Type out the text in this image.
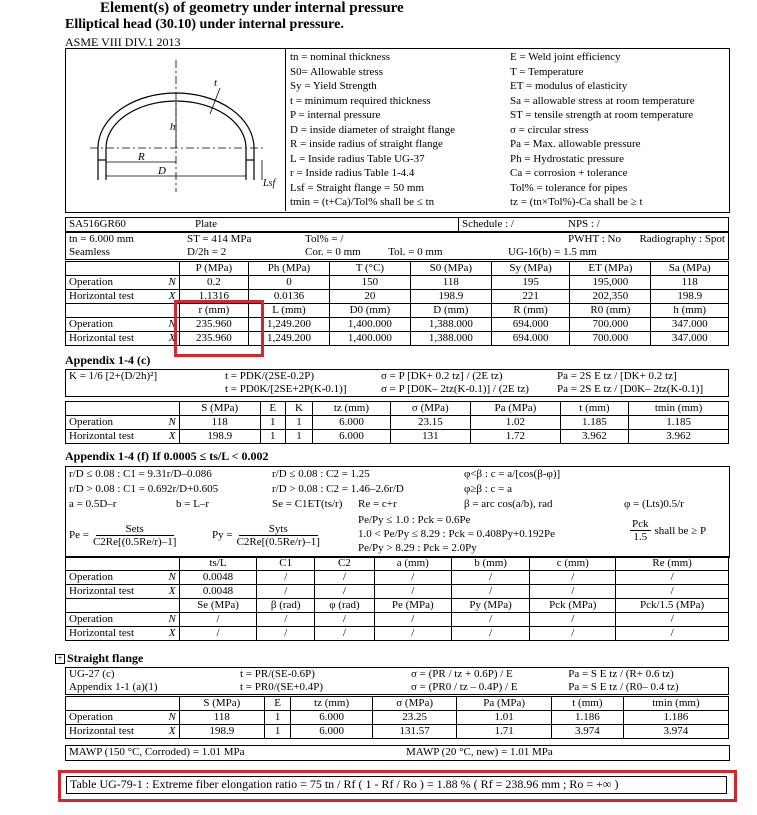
Element(s) of geometry under internal pressure
Elliptical head (30.10) under internal pressure.
ASME VIII DIV.1 2013
t
h
R
D
Lsf
tn = nominal thickness
S0= Allowable stress
Sy = Yield Strength
t = minimum required thickness
P = internal pressure
D = inside diameter of straight flange
R = inside radius of straight flange
L = Inside radius Table UG-37
r = Inside radius Table 1-4.4
Lsf = Straight flange = 50 mm
tmin = (t+Ca)/Tol% shall be ≤ tn
E = Weld joint efficiency
T = Temperature
ET = modulus of elasticity
Sa = allowable stress at room temperature
ST = tensile strength at room temperature
σ = circular stress
Pa = Max. allowable pressure
Ph = Hydrostatic pressure
Ca = corrosion + tolerance
Tol% = tolerance for pipes
tz = (tn×Tol%)-Ca shall be ≥ t
SA516GR60	Plate	Schedule : /	NPS : /
tn = 6.000 mm	ST = 414 MPa	Tol% = /	PWHT : No	Radiography : Spot
Seamless	D/2h = 2	Cor. = 0 mm Tol. = 0 mm	UG-16(b) = 1.5 mm	
		P (MPa)	Ph (MPa)	T (°C)	S0 (MPa)	Sy (MPa)	ET (MPa)	Sa (MPa)
Operation	N	0.2	0	150	118	195	195,000	118
Horizontal test	X	1.1316	0.0136	20	198.9	221	202,350	198.9
		r (mm)	L (mm)	D0 (mm)	D (mm)	R (mm)	R0 (mm)	h (mm)
Operation	N	235.960	1,249.200	1,400.000	1,388.000	694.000	700.000	347.000
Horizontal test	X	235.960	1,249.200	1,400.000	1,388.000	694.000	700.000	347.000
Appendix 1-4 (c)
K = 1/6 [2+(D/2h)²]	t = PDK/(2SE-0.2P)	σ = P [DK+ 0.2 tz] / (2E tz)	Pa = 2S E tz / [DK+ 0.2 tz]
	t = PD0K/[2SE+2P(K-0.1)]	σ = P [D0K– 2tz(K-0.1)] / (2E tz)	Pa = 2S E tz / [D0K– 2tz(K-0.1)]
		S (MPa)	E	K	tz (mm)	σ (MPa)	Pa (MPa)	t (mm)	tmin (mm)
Operation	N	118	1	1	6.000	23.15	1.02	1.185	1.185
Horizontal test	X	198.9	1	1	6.000	131	1.72	3.962	3.962
Appendix 1-4 (f) If 0.0005 ≤ ts/L < 0.002
r/D ≤ 0.08 : C1 = 9.31r/D–0.086	r/D ≤ 0.08 : C2 = 1.25	φ<β : c = a/[cos(β-φ)]
r/D > 0.08 : C1 = 0.692r/D+0.605	r/D > 0.08 : C2 = 1.46–2.6r/D	φ≥β : c = a
a = 0.5D–r	b = L–r	Se = C1ET(ts/r) Re = c+r	β = arc cos(a/b), rad	φ = (Lts)0.5/r
Pe =
Sets
C2Re[(0.5Re/r)–1]
Py =
Syts
C2Re[(0.5Re/r)–1]
Pe/Py ≤ 1.0 : Pck = 0.6Pe
1.0 < Pe/Py ≤ 8.29 : Pck = 0.408Py+0.192Pe
Pe/Py > 8.29 : Pck = 2.0Py
Pck
1.5
shall be ≥ P
		ts/L	C1	C2	a (mm)	b (mm)	c (mm)	Re (mm)
Operation	N	0.0048	/	/	/	/	/	/
Horizontal test	X	0.0048	/	/	/	/	/	/
		Se (MPa)	β (rad)	φ (rad)	Pe (MPa)	Py (MPa)	Pck (MPa)	Pck/1.5 (MPa)
Operation	N	/	/	/	/	/	/	/
Horizontal test	X	/	/	/	/	/	/	/
+ Straight flange
UG-27 (c)	t = PR/(SE-0.6P)	σ = (PR / tz + 0.6P) / E	Pa = S E tz / (R+ 0.6 tz)
Appendix 1-1 (a)(1)	t = PR0/(SE+0.4P)	σ = (PR0 / tz – 0.4P) / E	Pa = S E tz / (R0– 0.4 tz)
		S (MPa)	E	tz (mm)	σ (MPa)	Pa (MPa)	t (mm)	tmin (mm)
Operation	N	118	1	6.000	23.25	1.01	1.186	1.186
Horizontal test	X	198.9	1	6.000	131.57	1.71	3.974	3.974
MAWP (150 °C, Corroded) = 1.01 MPa	MAWP (20 °C, new) = 1.01 MPa
Table UG-79-1 : Extreme fiber elongation ratio = 75 tn / Rf ( 1 - Rf / Ro ) = 1.88 % ( Rf = 238.96 mm ; Ro = +∞ )
